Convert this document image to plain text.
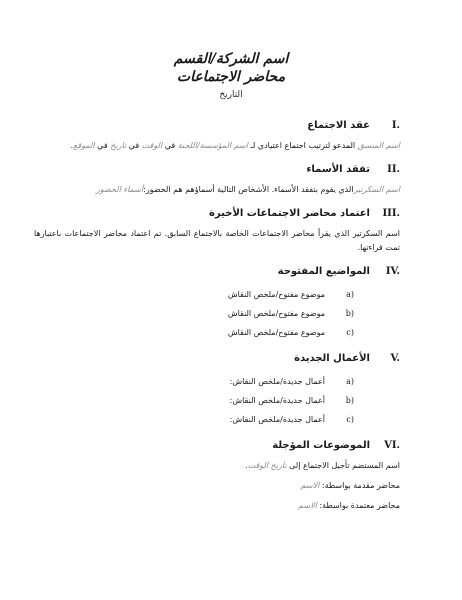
اسم الشركة/القسم

محاضر الاجتماعات

التاريخ
I.
عقد الاجتماع

اسم المنسق المدعو لترتيب اجتماع اعتيادي لـ اسم المؤسسة/اللجنة في الوقت في تاريخ في الموقع.

II.
تفقد الأسماء

اسم السكرتيرالذي يقوم بتفقد الأسماء. الأشخاص التالية أسماؤهم هم الحضور:أسماء الحضور

III.
اعتماد محاضر الاجتماعات الأخيرة

اسم السكرتير الذي يقرأ محاضر الاجتماعات الخاصة بالاجتماع السابق. تم اعتماد محاضر الاجتماعات باعتبارها تمت قراءتها.

IV.
المواضيع المفتوحة
a)
موضوع مفتوح/ملخص النقاش
b)
موضوع مفتوح/ملخص النقاش
c)
موضوع مفتوح/ملخص النقاش
V.
الأعمال الجديدة
a)
أعمال جديدة/ملخص النقاش:
b)
أعمال جديدة/ملخص النقاش:
c)
أعمال جديدة/ملخص النقاش:
VI.
الموضوعات المؤجلة

اسم المستضم تأجيل الاجتماع إلى تاريخ الوقت.

محاضر مقدمة بواسطة: الاسم

محاضر معتمدة بواسطة: الاسم
